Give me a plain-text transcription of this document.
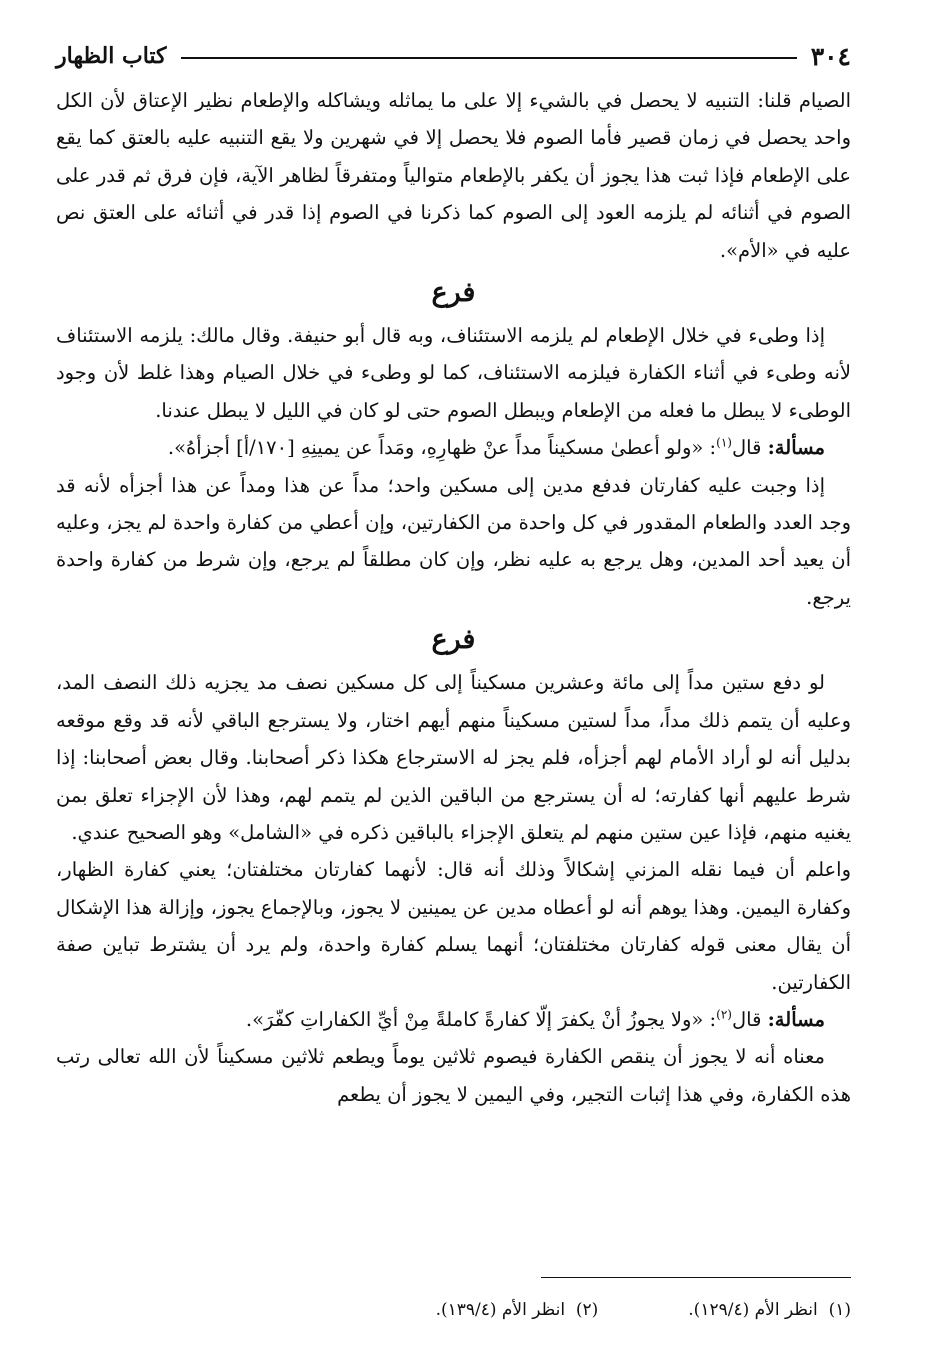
٣٠٤
كتاب الظهار

الصيام قلنا: التنبيه لا يحصل في بالشيء إلا على ما يماثله ويشاكله والإطعام نظير الإعتاق لأن الكل واحد يحصل في زمان قصير فأما الصوم فلا يحصل إلا في شهرين ولا يقع التنبيه عليه بالعتق كما يقع على الإطعام فإذا ثبت هذا يجوز أن يكفر بالإطعام متوالياً ومتفرقاً لظاهر الآية، فإن فرق ثم قدر على الصوم في أثنائه لم يلزمه العود إلى الصوم كما ذكرنا في الصوم إذا قدر في أثنائه على العتق نص عليه في «الأم».

فرع

إذا وطىء في خلال الإطعام لم يلزمه الاستئناف، وبه قال أبو حنيفة. وقال مالك: يلزمه الاستئناف لأنه وطىء في أثناء الكفارة فيلزمه الاستئناف، كما لو وطىء في خلال الصيام وهذا غلط لأن وجود الوطىء لا يبطل ما فعله من الإطعام ويبطل الصوم حتى لو كان في الليل لا يبطل عندنا.

مسألة: قال$^{(١)}$: «ولو أعطىٰ مسكيناً مداً عنْ ظهارِهِ، ومَداً عن يمينِهِ [١٧٠/أ] أجزأهُ».

إذا وجبت عليه كفارتان فدفع مدين إلى مسكين واحد؛ مداً عن هذا ومداً عن هذا أجزأه لأنه قد وجد العدد والطعام المقدور في كل واحدة من الكفارتين، وإن أعطي من كفارة واحدة لم يجز، وعليه أن يعيد أحد المدين، وهل يرجع به عليه نظر، وإن كان مطلقاً لم يرجع، وإن شرط من كفارة واحدة يرجع.

فرع

لو دفع ستين مداً إلى مائة وعشرين مسكيناً إلى كل مسكين نصف مد يجزيه ذلك النصف المد، وعليه أن يتمم ذلك مداً، مداً لستين مسكيناً منهم أيهم اختار، ولا يسترجع الباقي لأنه قد وقع موقعه بدليل أنه لو أراد الأمام لهم أجزأه، فلم يجز له الاسترجاع هكذا ذكر أصحابنا. وقال بعض أصحابنا: إذا شرط عليهم أنها كفارته؛ له أن يسترجع من الباقين الذين لم يتمم لهم، وهذا لأن الإجزاء تعلق بمن يغنيه منهم، فإذا عين ستين منهم لم يتعلق الإجزاء بالباقين ذكره في «الشامل» وهو الصحيح عندي.

واعلم أن فيما نقله المزني إشكالاً وذلك أنه قال: لأنهما كفارتان مختلفتان؛ يعني كفارة الظهار، وكفارة اليمين. وهذا يوهم أنه لو أعطاه مدين عن يمينين لا يجوز، وبالإجماع يجوز، وإزالة هذا الإشكال أن يقال معنى قوله كفارتان مختلفتان؛ أنهما يسلم كفارة واحدة، ولم يرد أن يشترط تباين صفة الكفارتين.

مسألة: قال$^{(٢)}$: «ولا يجوزُ أنْ يكفرَ إلّا كفارةً كاملةً مِنْ أيِّ الكفاراتِ كفّرَ».

معناه أنه لا يجوز أن ينقص الكفارة فيصوم ثلاثين يوماً ويطعم ثلاثين مسكيناً لأن الله تعالى رتب هذه الكفارة، وفي هذا إثبات التجير، وفي اليمين لا يجوز أن يطعم

(١)  انظر الأم (١٢٩/٤).
(٢)  انظر الأم (١٣٩/٤).
